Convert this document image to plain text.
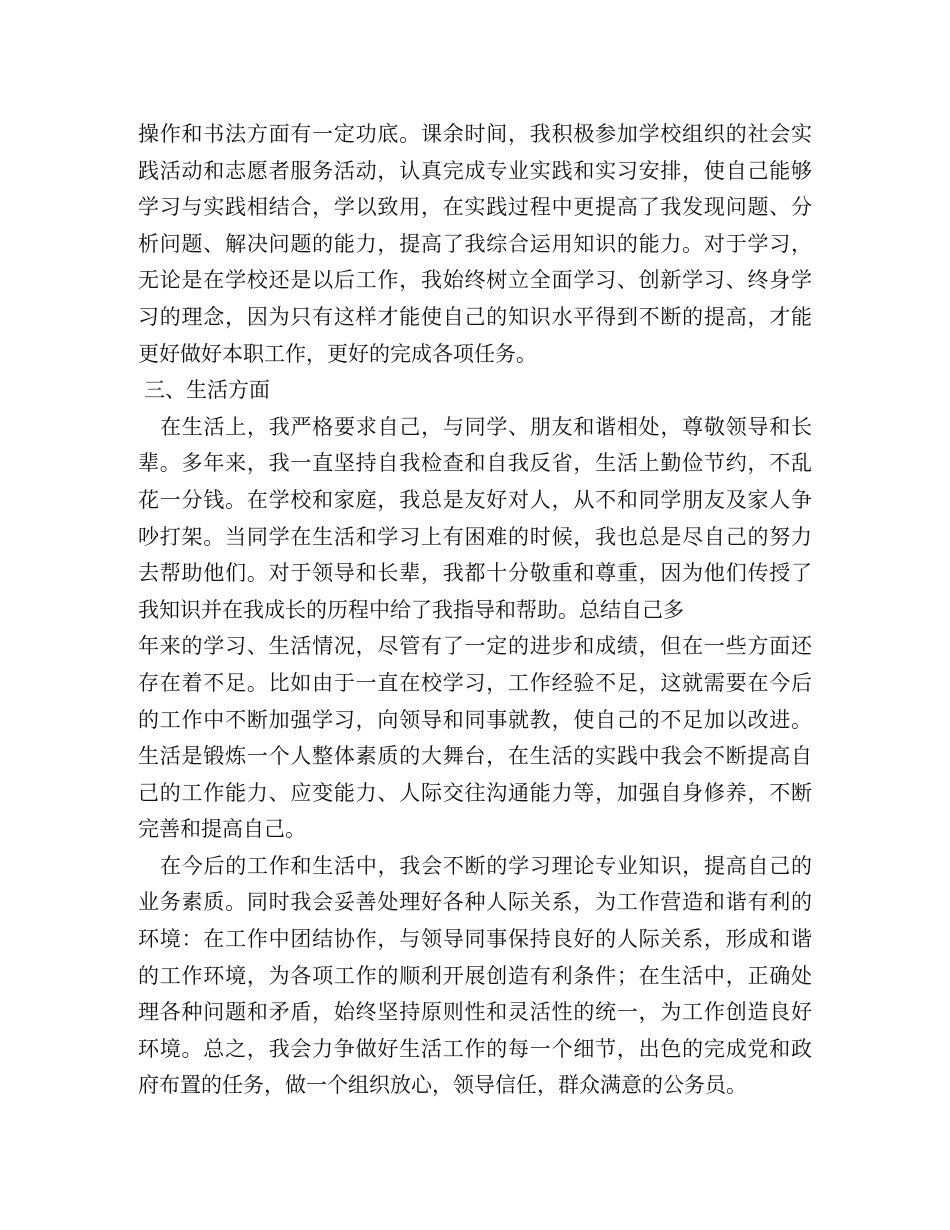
操作和书法方面有一定功底。课余时间，我积极参加学校组织的社会实
践活动和志愿者服务活动，认真完成专业实践和实习安排，使自己能够
学习与实践相结合，学以致用，在实践过程中更提高了我发现问题、分
析问题、解决问题的能力，提高了我综合运用知识的能力。对于学习，
无论是在学校还是以后工作，我始终树立全面学习、创新学习、终身学
习的理念，因为只有这样才能使自己的知识水平得到不断的提高，才能
更好做好本职工作，更好的完成各项任务。
三、生活方面
在生活上，我严格要求自己，与同学、朋友和谐相处，尊敬领导和长
辈。多年来，我一直坚持自我检查和自我反省，生活上勤俭节约，不乱
花一分钱。在学校和家庭，我总是友好对人，从不和同学朋友及家人争
吵打架。当同学在生活和学习上有困难的时候，我也总是尽自己的努力
去帮助他们。对于领导和长辈，我都十分敬重和尊重，因为他们传授了
我知识并在我成长的历程中给了我指导和帮助。总结自己多
年来的学习、生活情况，尽管有了一定的进步和成绩，但在一些方面还
存在着不足。比如由于一直在校学习，工作经验不足，这就需要在今后
的工作中不断加强学习，向领导和同事就教，使自己的不足加以改进。
生活是锻炼一个人整体素质的大舞台，在生活的实践中我会不断提高自
己的工作能力、应变能力、人际交往沟通能力等，加强自身修养，不断
完善和提高自己。
在今后的工作和生活中，我会不断的学习理论专业知识，提高自己的
业务素质。同时我会妥善处理好各种人际关系，为工作营造和谐有利的
环境：在工作中团结协作，与领导同事保持良好的人际关系，形成和谐
的工作环境，为各项工作的顺利开展创造有利条件；在生活中，正确处
理各种问题和矛盾，始终坚持原则性和灵活性的统一，为工作创造良好
环境。总之，我会力争做好生活工作的每一个细节，出色的完成党和政
府布置的任务，做一个组织放心，领导信任，群众满意的公务员。
